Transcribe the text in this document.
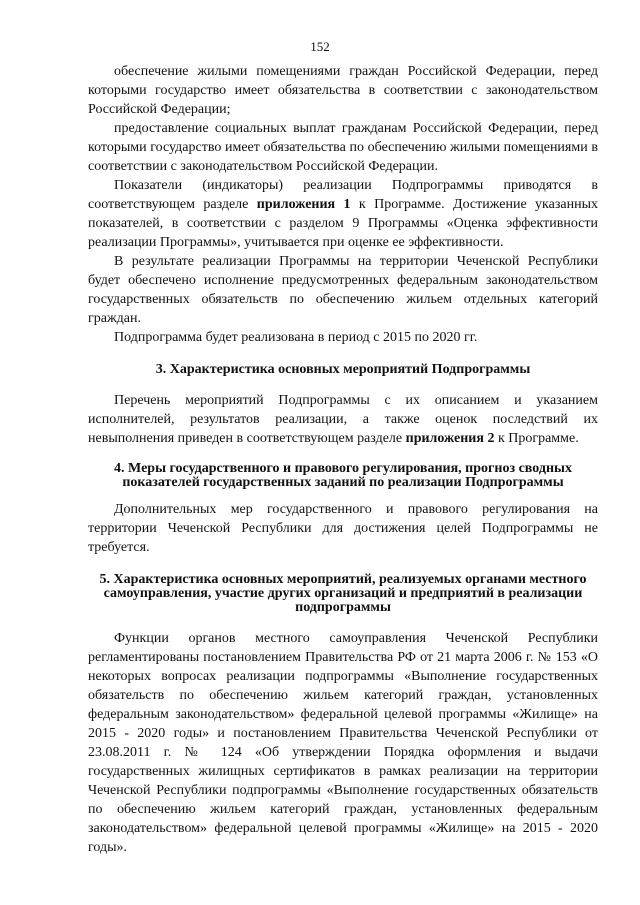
152

обеспечение жилыми помещениями граждан Российской Федерации, перед которыми государство имеет обязательства в соответствии с законодательством Российской Федерации;

предоставление социальных выплат гражданам Российской Федерации, перед которыми государство имеет обязательства по обеспечению жилыми помещениями в соответствии с законодательством Российской Федерации.

Показатели (индикаторы) реализации Подпрограммы приводятся в соответствующем разделе приложения 1 к Программе. Достижение указанных показателей, в соответствии с разделом 9 Программы «Оценка эффективности реализации Программы», учитывается при оценке ее эффективности.

В результате реализации Программы на территории Чеченской Республики будет обеспечено исполнение предусмотренных федеральным законодательством государственных обязательств по обеспечению жильем отдельных категорий граждан.

Подпрограмма будет реализована в период с 2015 по 2020 гг.

3. Характеристика основных мероприятий Подпрограммы

Перечень мероприятий Подпрограммы с их описанием и указанием исполнителей, результатов реализации, а также оценок последствий их невыполнения приведен в соответствующем разделе приложения 2 к Программе.

4. Меры государственного и правового регулирования, прогноз сводных
показателей государственных заданий по реализации Подпрограммы

Дополнительных мер государственного и правового регулирования на территории Чеченской Республики для достижения целей Подпрограммы не требуется.

5. Характеристика основных мероприятий, реализуемых органами местного
самоуправления, участие других организаций и предприятий в реализации
подпрограммы

Функции органов местного самоуправления Чеченской Республики регламентированы постановлением Правительства РФ от 21 марта 2006 г. № 153 «О некоторых вопросах реализации подпрограммы «Выполнение государственных обязательств по обеспечению жильем категорий граждан, установленных федеральным законодательством» федеральной целевой программы «Жилище» на 2015 - 2020 годы» и постановлением Правительства Чеченской Республики от 23.08.2011 г. № 124 «Об утверждении Порядка оформления и выдачи государственных жилищных сертификатов в рамках реализации на территории Чеченской Республики подпрограммы «Выполнение государственных обязательств по обеспечению жильем категорий граждан, установленных федеральным законодательством» федеральной целевой программы «Жилище» на 2015 - 2020 годы».
